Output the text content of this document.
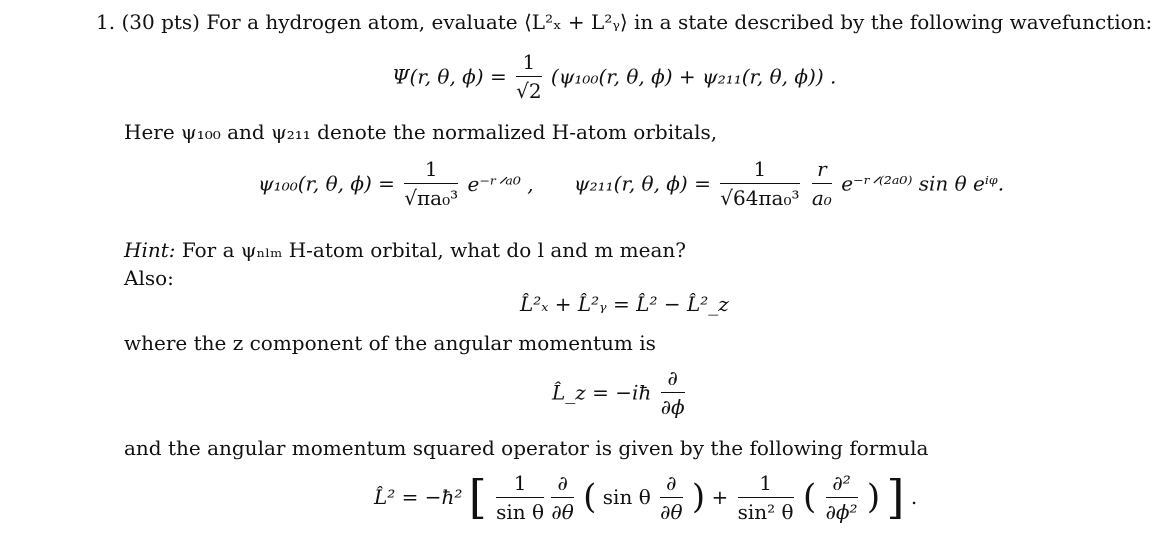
1. (30 pts) For a hydrogen atom, evaluate ⟨L²ₓ + L²ᵧ⟩ in a state described by the following wavefunction:
Ψ(r, θ, $\phi) = \frac{1}{√2} (\psi_{100}(r$, θ, ϕ) + ψ₂₁₁(r, θ, ϕ)) .
Here ψ₁₀₀ and ψ₂₁₁ denote the normalized H-atom orbitals,
ψ₁₀₀(r, θ, $\phi) = \frac{1}{\text{√πa₀³}}$ e⁻ʳᐟᵃ⁰ , ψ₂₁₁(r, θ, $\phi) = \frac{1}{\text{√64πa₀³}}$
$\frac{r}{\text{a₀}}$ e⁻ʳᐟ⁽²ᵃ⁰⁾ sin θ eⁱᵠ.
Hint: For a ψₙₗₘ H-atom orbital, what do l and m mean?
Also:
L̂²ₓ + L̂²ᵧ = L̂² − L̂²_z
where the z component of the angular momentum is
L̂_z = −iħ $\frac{\partial}{\partial\phi}$
and the angular momentum squared operator is given by the following formula
L̂² = −ħ² [ $\frac{1}{\text{sin θ}}$
$\frac{\partial}{\partial\theta}$ ( sin θ $\frac{\partial}{\partial\theta}$ ) + $\frac{1}{\text{sin² θ}}$ ( $\frac{\text{∂²}}{\text{∂ϕ²}}$ ) ] .
